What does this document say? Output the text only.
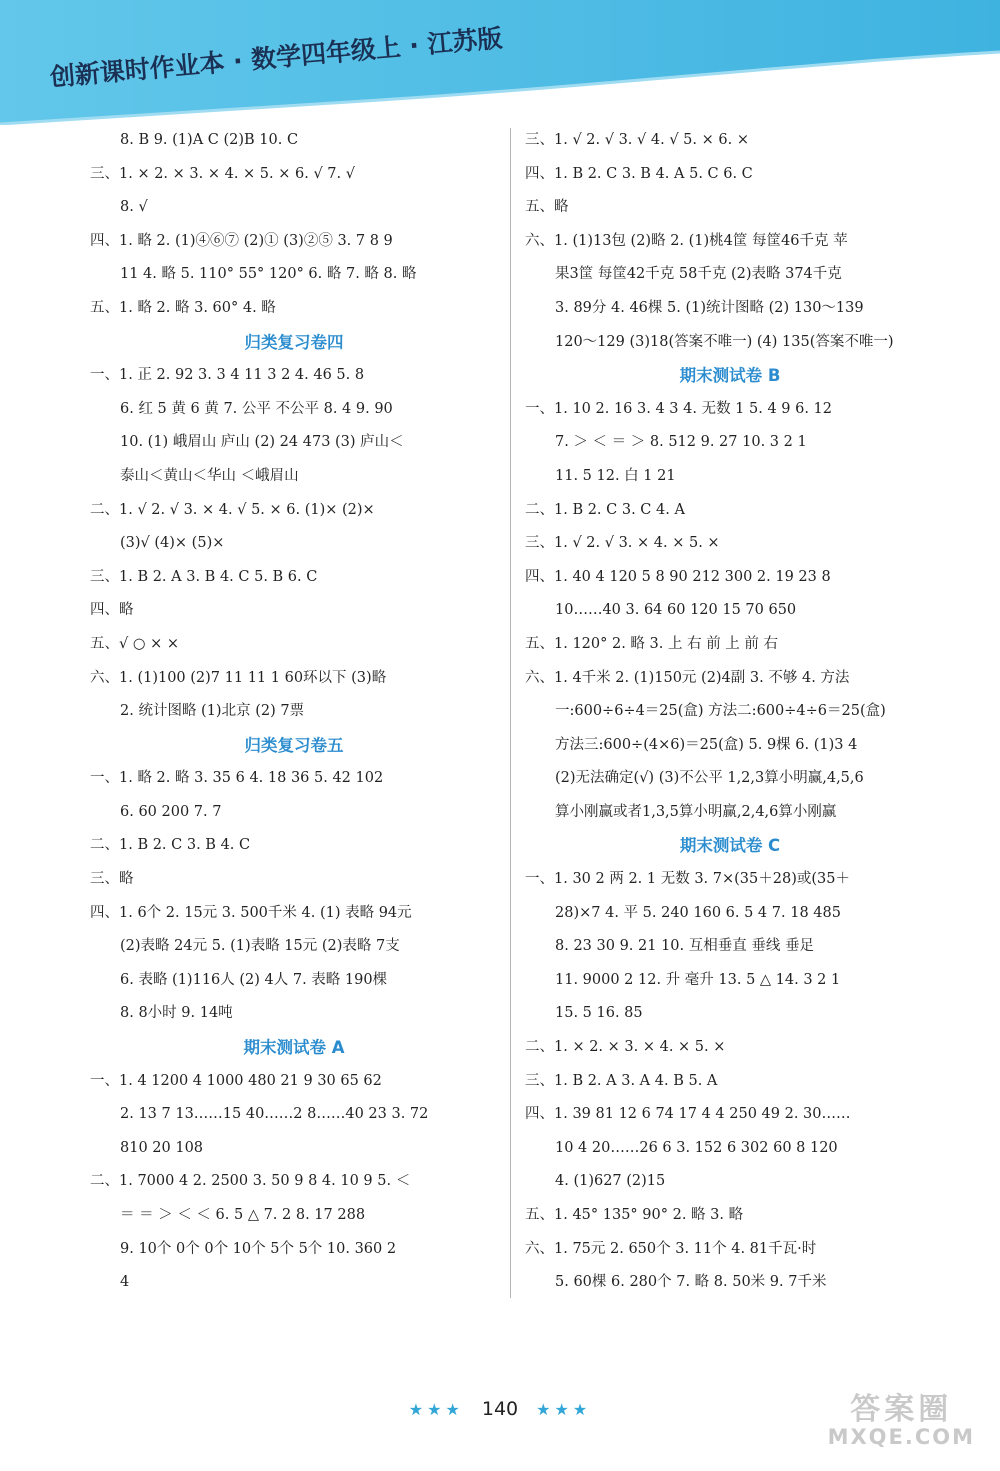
创新课时作业本 · 数学四年级上 · 江苏版
8. B 9. (1)A C (2)B 10. C
三、1. × 2. × 3. × 4. × 5. × 6. √ 7. √
8. √
四、1. 略 2. (1)④⑥⑦ (2)① (3)②⑤ 3. 7 8 9
11 4. 略 5. 110° 55° 120° 6. 略 7. 略 8. 略
五、1. 略 2. 略 3. 60° 4. 略
归类复习卷四
一、1. 正 2. 92 3. 3 4 11 3 2 4. 46 5. 8
6. 红 5 黄 6 黄 7. 公平 不公平 8. 4 9. 90
10. (1) 峨眉山 庐山 (2) 24 473 (3) 庐山＜
泰山＜黄山＜华山 ＜峨眉山
二、1. √ 2. √ 3. × 4. √ 5. × 6. (1)× (2)×
(3)√ (4)× (5)×
三、1. B 2. A 3. B 4. C 5. B 6. C
四、略
五、√ ○ × ×
六、1. (1)100 (2)7 11 11 1 60环以下 (3)略
2. 统计图略 (1)北京 (2) 7票
归类复习卷五
一、1. 略 2. 略 3. 35 6 4. 18 36 5. 42 102
6. 60 200 7. 7
二、1. B 2. C 3. B 4. C
三、略
四、1. 6个 2. 15元 3. 500千米 4. (1) 表略 94元
(2)表略 24元 5. (1)表略 15元 (2)表略 7支
6. 表略 (1)116人 (2) 4人 7. 表略 190棵
8. 8小时 9. 14吨
期末测试卷 A
一、1. 4 1200 4 1000 480 21 9 30 65 62
2. 13 7 13……15 40……2 8……40 23 3. 72
810 20 108
二、1. 7000 4 2. 2500 3. 50 9 8 4. 10 9 5. ＜
＝ ＝ ＞ ＜ ＜ 6. 5 △ 7. 2 8. 17 288
9. 10个 0个 0个 10个 5个 5个 10. 360 2
4
三、1. √ 2. √ 3. √ 4. √ 5. × 6. ×
四、1. B 2. C 3. B 4. A 5. C 6. C
五、略
六、1. (1)13包 (2)略 2. (1)桃4筐 每筐46千克 苹
果3筐 每筐42千克 58千克 (2)表略 374千克
3. 89分 4. 46棵 5. (1)统计图略 (2) 130～139
120～129 (3)18(答案不唯一) (4) 135(答案不唯一)
期末测试卷 B
一、1. 10 2. 16 3. 4 3 4. 无数 1 5. 4 9 6. 12
7. ＞ ＜ ＝ ＞ 8. 512 9. 27 10. 3 2 1
11. 5 12. 白 1 21
二、1. B 2. C 3. C 4. A
三、1. √ 2. √ 3. × 4. × 5. ×
四、1. 40 4 120 5 8 90 212 300 2. 19 23 8
10……40 3. 64 60 120 15 70 650
五、1. 120° 2. 略 3. 上 右 前 上 前 右
六、1. 4千米 2. (1)150元 (2)4副 3. 不够 4. 方法
一:600÷6÷4＝25(盒) 方法二:600÷4÷6＝25(盒)
方法三:600÷(4×6)＝25(盒) 5. 9棵 6. (1)3 4
(2)无法确定(√) (3)不公平 1,2,3算小明赢,4,5,6
算小刚赢或者1,3,5算小明赢,2,4,6算小刚赢
期末测试卷 C
一、1. 30 2 两 2. 1 无数 3. 7×(35＋28)或(35＋
28)×7 4. 平 5. 240 160 6. 5 4 7. 18 485
8. 23 30 9. 21 10. 互相垂直 垂线 垂足
11. 9000 2 12. 升 毫升 13. 5 △ 14. 3 2 1
15. 5 16. 85
二、1. × 2. × 3. × 4. × 5. ×
三、1. B 2. A 3. A 4. B 5. A
四、1. 39 81 12 6 74 17 4 4 250 49 2. 30……
10 4 20……26 6 3. 152 6 302 60 8 120
4. (1)627 (2)15
五、1. 45° 135° 90° 2. 略 3. 略
六、1. 75元 2. 650个 3. 11个 4. 81千瓦·时
5. 60棵 6. 280个 7. 略 8. 50米 9. 7千米
★★★ 140 ★★★	答案圈
MXQE.COM
